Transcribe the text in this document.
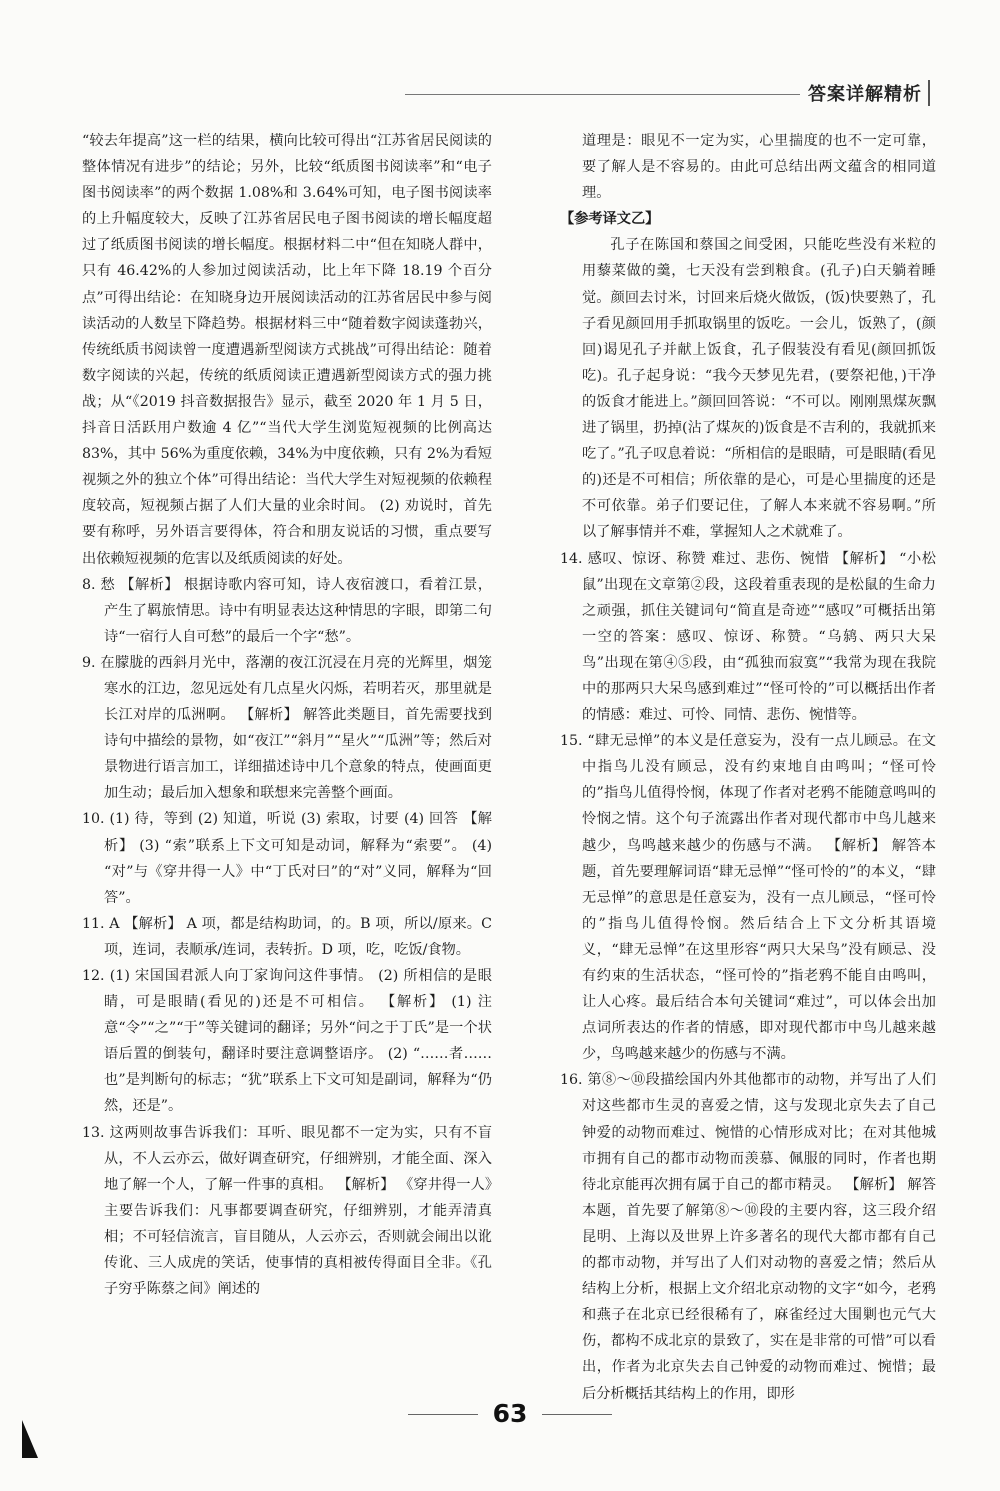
答案详解精析

“较去年提高”这一栏的结果，横向比较可得出“江苏省居民阅读的整体情况有进步”的结论；另外，比较“纸质图书阅读率”和“电子图书阅读率”的两个数据 1.08%和 3.64%可知，电子图书阅读率的上升幅度较大，反映了江苏省居民电子图书阅读的增长幅度超过了纸质图书阅读的增长幅度。根据材料二中“但在知晓人群中，只有 46.42%的人参加过阅读活动，比上年下降 18.19 个百分点”可得出结论：在知晓身边开展阅读活动的江苏省居民中参与阅读活动的人数呈下降趋势。根据材料三中“随着数字阅读蓬勃兴，传统纸质书阅读曾一度遭遇新型阅读方式挑战”可得出结论：随着数字阅读的兴起，传统的纸质阅读正遭遇新型阅读方式的强力挑战；从“《2019 抖音数据报告》显示，截至 2020 年 1 月 5 日，抖音日活跃用户数逾 4 亿”“当代大学生浏览短视频的比例高达 83%，其中 56%为重度依赖，34%为中度依赖，只有 2%为看短视频之外的独立个体”可得出结论：当代大学生对短视频的依赖程度较高，短视频占据了人们大量的业余时间。 (2) 劝说时，首先要有称呼，另外语言要得体，符合和朋友说话的习惯，重点要写出依赖短视频的危害以及纸质阅读的好处。

8. 愁 【解析】 根据诗歌内容可知，诗人夜宿渡口，看着江景，产生了羁旅情思。诗中有明显表达这种情思的字眼，即第二句诗“一宿行人自可愁”的最后一个字“愁”。

9. 在朦胧的西斜月光中，落潮的夜江沉浸在月亮的光辉里，烟笼寒水的江边，忽见远处有几点星火闪烁，若明若灭，那里就是长江对岸的瓜洲啊。 【解析】 解答此类题目，首先需要找到诗句中描绘的景物，如“夜江”“斜月”“星火”“瓜洲”等；然后对景物进行语言加工，详细描述诗中几个意象的特点，使画面更加生动；最后加入想象和联想来完善整个画面。

10. (1) 待，等到 (2) 知道，听说 (3) 索取，讨要 (4) 回答 【解析】 (3) “索”联系上下文可知是动词，解释为“索要”。 (4) “对”与《穿井得一人》中“丁氏对曰”的“对”义同，解释为“回答”。

11. A 【解析】 A 项，都是结构助词，的。B 项，所以/原来。C 项，连词，表顺承/连词，表转折。D 项，吃，吃饭/食物。

12. (1) 宋国国君派人向丁家询问这件事情。 (2) 所相信的是眼睛，可是眼睛(看见的)还是不可相信。 【解析】 (1) 注意“令”“之”“于”等关键词的翻译；另外“问之于丁氏”是一个状语后置的倒装句，翻译时要注意调整语序。 (2) “……者……也”是判断句的标志；“犹”联系上下文可知是副词，解释为“仍然，还是”。

13. 这两则故事告诉我们：耳听、眼见都不一定为实，只有不盲从，不人云亦云，做好调查研究，仔细辨别，才能全面、深入地了解一个人，了解一件事的真相。 【解析】 《穿井得一人》主要告诉我们：凡事都要调查研究，仔细辨别，才能弄清真相；不可轻信流言，盲目随从，人云亦云，否则就会闹出以讹传讹、三人成虎的笑话，使事情的真相被传得面目全非。《孔子穷乎陈蔡之间》阐述的

道理是：眼见不一定为实，心里揣度的也不一定可靠，要了解人是不容易的。由此可总结出两文蕴含的相同道理。

【参考译文乙】

孔子在陈国和蔡国之间受困，只能吃些没有米粒的用藜菜做的羹，七天没有尝到粮食。(孔子)白天躺着睡觉。颜回去讨米，讨回来后烧火做饭，(饭)快要熟了，孔子看见颜回用手抓取锅里的饭吃。一会儿，饭熟了，(颜回)谒见孔子并献上饭食，孔子假装没有看见(颜回抓饭吃)。孔子起身说：“我今天梦见先君，(要祭祀他，)干净的饭食才能进上。”颜回回答说：“不可以。刚刚黑煤灰飘进了锅里，扔掉(沾了煤灰的)饭食是不吉利的，我就抓来吃了。”孔子叹息着说：“所相信的是眼睛，可是眼睛(看见的)还是不可相信；所依靠的是心，可是心里揣度的还是不可依靠。弟子们要记住，了解人本来就不容易啊。”所以了解事情并不难，掌握知人之术就难了。

14. 感叹、惊讶、称赞 难过、悲伤、惋惜 【解析】 “小松鼠”出现在文章第②段，这段着重表现的是松鼠的生命力之顽强，抓住关键词句“简直是奇迹”“感叹”可概括出第一空的答案：感叹、惊讶、称赞。“乌鸫、两只大呆鸟”出现在第④⑤段，由“孤独而寂寞”“我常为现在我院中的那两只大呆鸟感到难过”“怪可怜的”可以概括出作者的情感：难过、可怜、同情、悲伤、惋惜等。

15. “肆无忌惮”的本义是任意妄为，没有一点儿顾忌。在文中指鸟儿没有顾忌，没有约束地自由鸣叫；“怪可怜的”指鸟儿值得怜悯，体现了作者对老鸦不能随意鸣叫的怜悯之情。这个句子流露出作者对现代都市中鸟儿越来越少，鸟鸣越来越少的伤感与不满。 【解析】 解答本题，首先要理解词语“肆无忌惮”“怪可怜的”的本义，“肆无忌惮”的意思是任意妄为，没有一点儿顾忌，“怪可怜的”指鸟儿值得怜悯。然后结合上下文分析其语境义，“肆无忌惮”在这里形容“两只大呆鸟”没有顾忌、没有约束的生活状态，“怪可怜的”指老鸦不能自由鸣叫，让人心疼。最后结合本句关键词“难过”，可以体会出加点词所表达的作者的情感，即对现代都市中鸟儿越来越少，鸟鸣越来越少的伤感与不满。

16. 第⑧～⑩段描绘国内外其他都市的动物，并写出了人们对这些都市生灵的喜爱之情，这与发现北京失去了自己钟爱的动物而难过、惋惜的心情形成对比；在对其他城市拥有自己的都市动物而羡慕、佩服的同时，作者也期待北京能再次拥有属于自己的都市精灵。 【解析】 解答本题，首先要了解第⑧～⑩段的主要内容，这三段介绍昆明、上海以及世界上许多著名的现代大都市都有自己的都市动物，并写出了人们对动物的喜爱之情；然后从结构上分析，根据上文介绍北京动物的文字“如今，老鸦和燕子在北京已经很稀有了，麻雀经过大围剿也元气大伤，都构不成北京的景致了，实在是非常的可惜”可以看出，作者为北京失去自己钟爱的动物而难过、惋惜；最后分析概括其结构上的作用，即形

63
